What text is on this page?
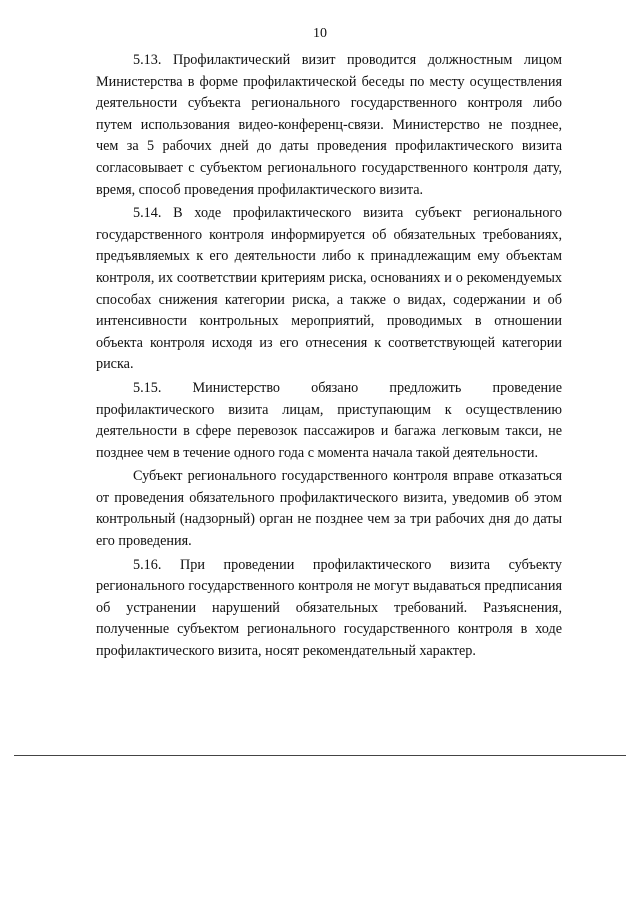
10

5.13. Профилактический визит проводится должностным лицом Министерства в форме профилактической беседы по месту осуществления деятельности субъекта регионального государственного контроля либо путем использования видео-конференц-связи. Министерство не позднее, чем за 5 рабочих дней до даты проведения профилактического визита согласовывает с субъектом регионального государственного контроля дату, время, способ проведения профилактического визита.

5.14. В ходе профилактического визита субъект регионального государственного контроля информируется об обязательных требованиях, предъявляемых к его деятельности либо к принадлежащим ему объектам контроля, их соответствии критериям риска, основаниях и о рекомендуемых способах снижения категории риска, а также о видах, содержании и об интенсивности контрольных мероприятий, проводимых в отношении объекта контроля исходя из его отнесения к соответствующей категории риска.

5.15. Министерство обязано предложить проведение профилактического визита лицам, приступающим к осуществлению деятельности в сфере перевозок пассажиров и багажа легковым такси, не позднее чем в течение одного года с момента начала такой деятельности.

Субъект регионального государственного контроля вправе отказаться от проведения обязательного профилактического визита, уведомив об этом контрольный (надзорный) орган не позднее чем за три рабочих дня до даты его проведения.

5.16. При проведении профилактического визита субъекту регионального государственного контроля не могут выдаваться предписания об устранении нарушений обязательных требований. Разъяснения, полученные субъектом регионального государственного контроля в ходе профилактического визита, носят рекомендательный характер.
